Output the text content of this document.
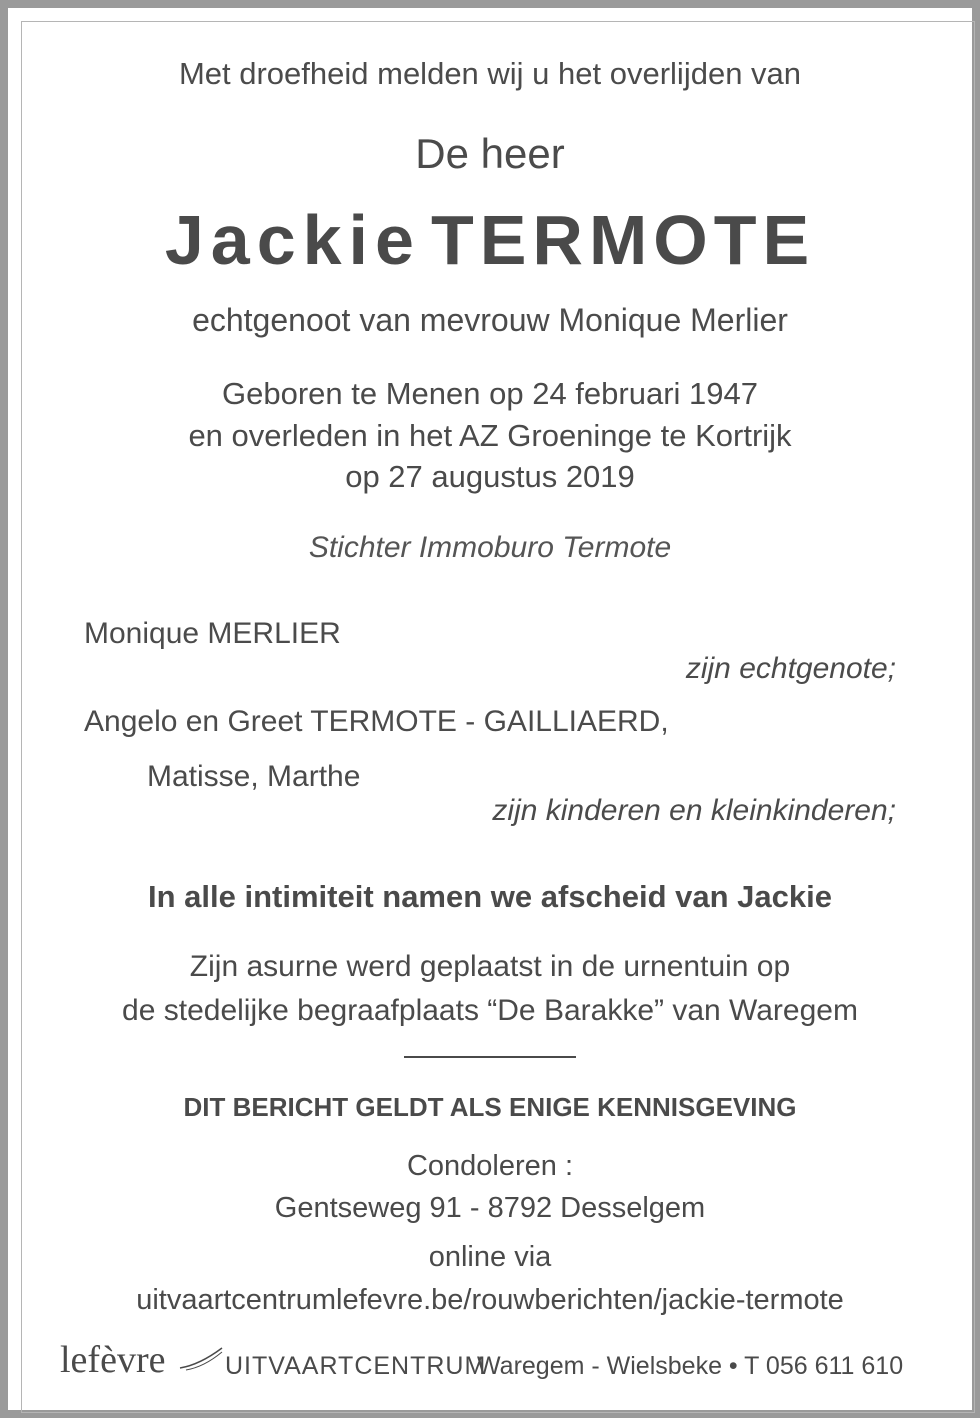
Met droefheid melden wij u het overlijden van
De heer
Jackie TERMOTE
echtgenoot van mevrouw Monique Merlier
Geboren te Menen op 24 februari 1947
en overleden in het AZ Groeninge te Kortrijk
op 27 augustus 2019
Stichter Immoburo Termote
Monique MERLIER
zijn echtgenote;
Angelo en Greet TERMOTE - GAILLIAERD,
Matisse, Marthe
zijn kinderen en kleinkinderen;
In alle intimiteit namen we afscheid van Jackie
Zijn asurne werd geplaatst in de urnentuin op
de stedelijke begraafplaats “De Barakke” van Waregem
DIT BERICHT GELDT ALS ENIGE KENNISGEVING
Condoleren :
Gentseweg 91 - 8792 Desselgem
online via
uitvaartcentrumlefevre.be/rouwberichten/jackie-termote
lefèvre UITVAARTCENTRUM
Waregem - Wielsbeke • T 056 611 610
